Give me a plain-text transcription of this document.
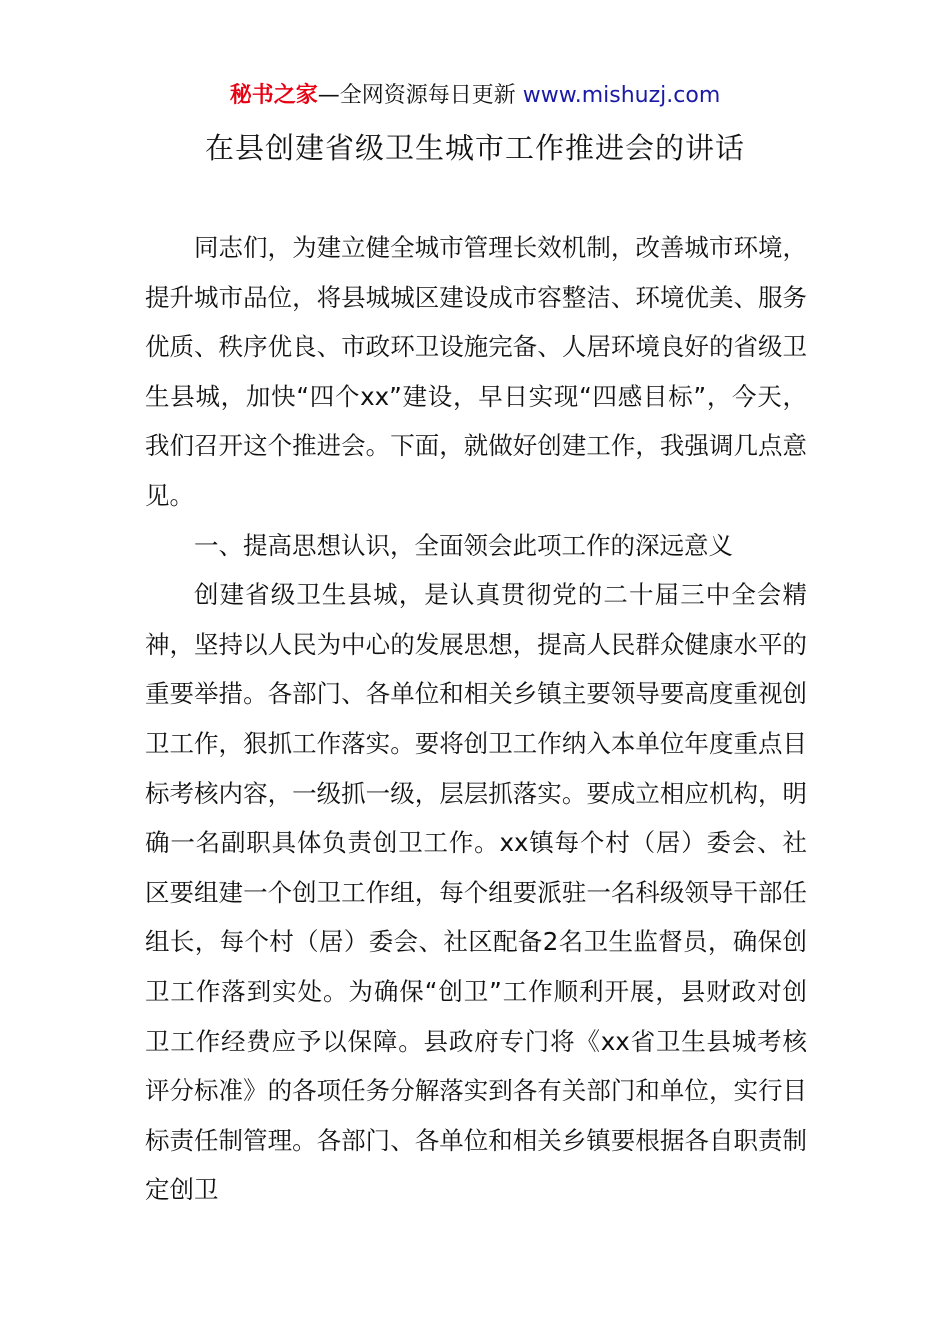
秘书之家—全网资源每日更新 www.mishuzj.com
在县创建省级卫生城市工作推进会的讲话

同志们，为建立健全城市管理长效机制，改善城市环境，提升城市品位，将县城城区建设成市容整洁、环境优美、服务优质、秩序优良、市政环卫设施完备、人居环境良好的省级卫生县城，加快“四个xx”建设，早日实现“四感目标”，今天，我们召开这个推进会。下面，就做好创建工作，我强调几点意见。

一、提高思想认识，全面领会此项工作的深远意义

创建省级卫生县城，是认真贯彻党的二十届三中全会精神，坚持以人民为中心的发展思想，提高人民群众健康水平的重要举措。各部门、各单位和相关乡镇主要领导要高度重视创卫工作，狠抓工作落实。要将创卫工作纳入本单位年度重点目标考核内容，一级抓一级，层层抓落实。要成立相应机构，明确一名副职具体负责创卫工作。xx镇每个村（居）委会、社区要组建一个创卫工作组，每个组要派驻一名科级领导干部任组长，每个村（居）委会、社区配备2名卫生监督员，确保创卫工作落到实处。为确保“创卫”工作顺利开展，县财政对创卫工作经费应予以保障。县政府专门将《xx省卫生县城考核评分标准》的各项任务分解落实到各有关部门和单位，实行目标责任制管理。各部门、各单位和相关乡镇要根据各自职责制定创卫
